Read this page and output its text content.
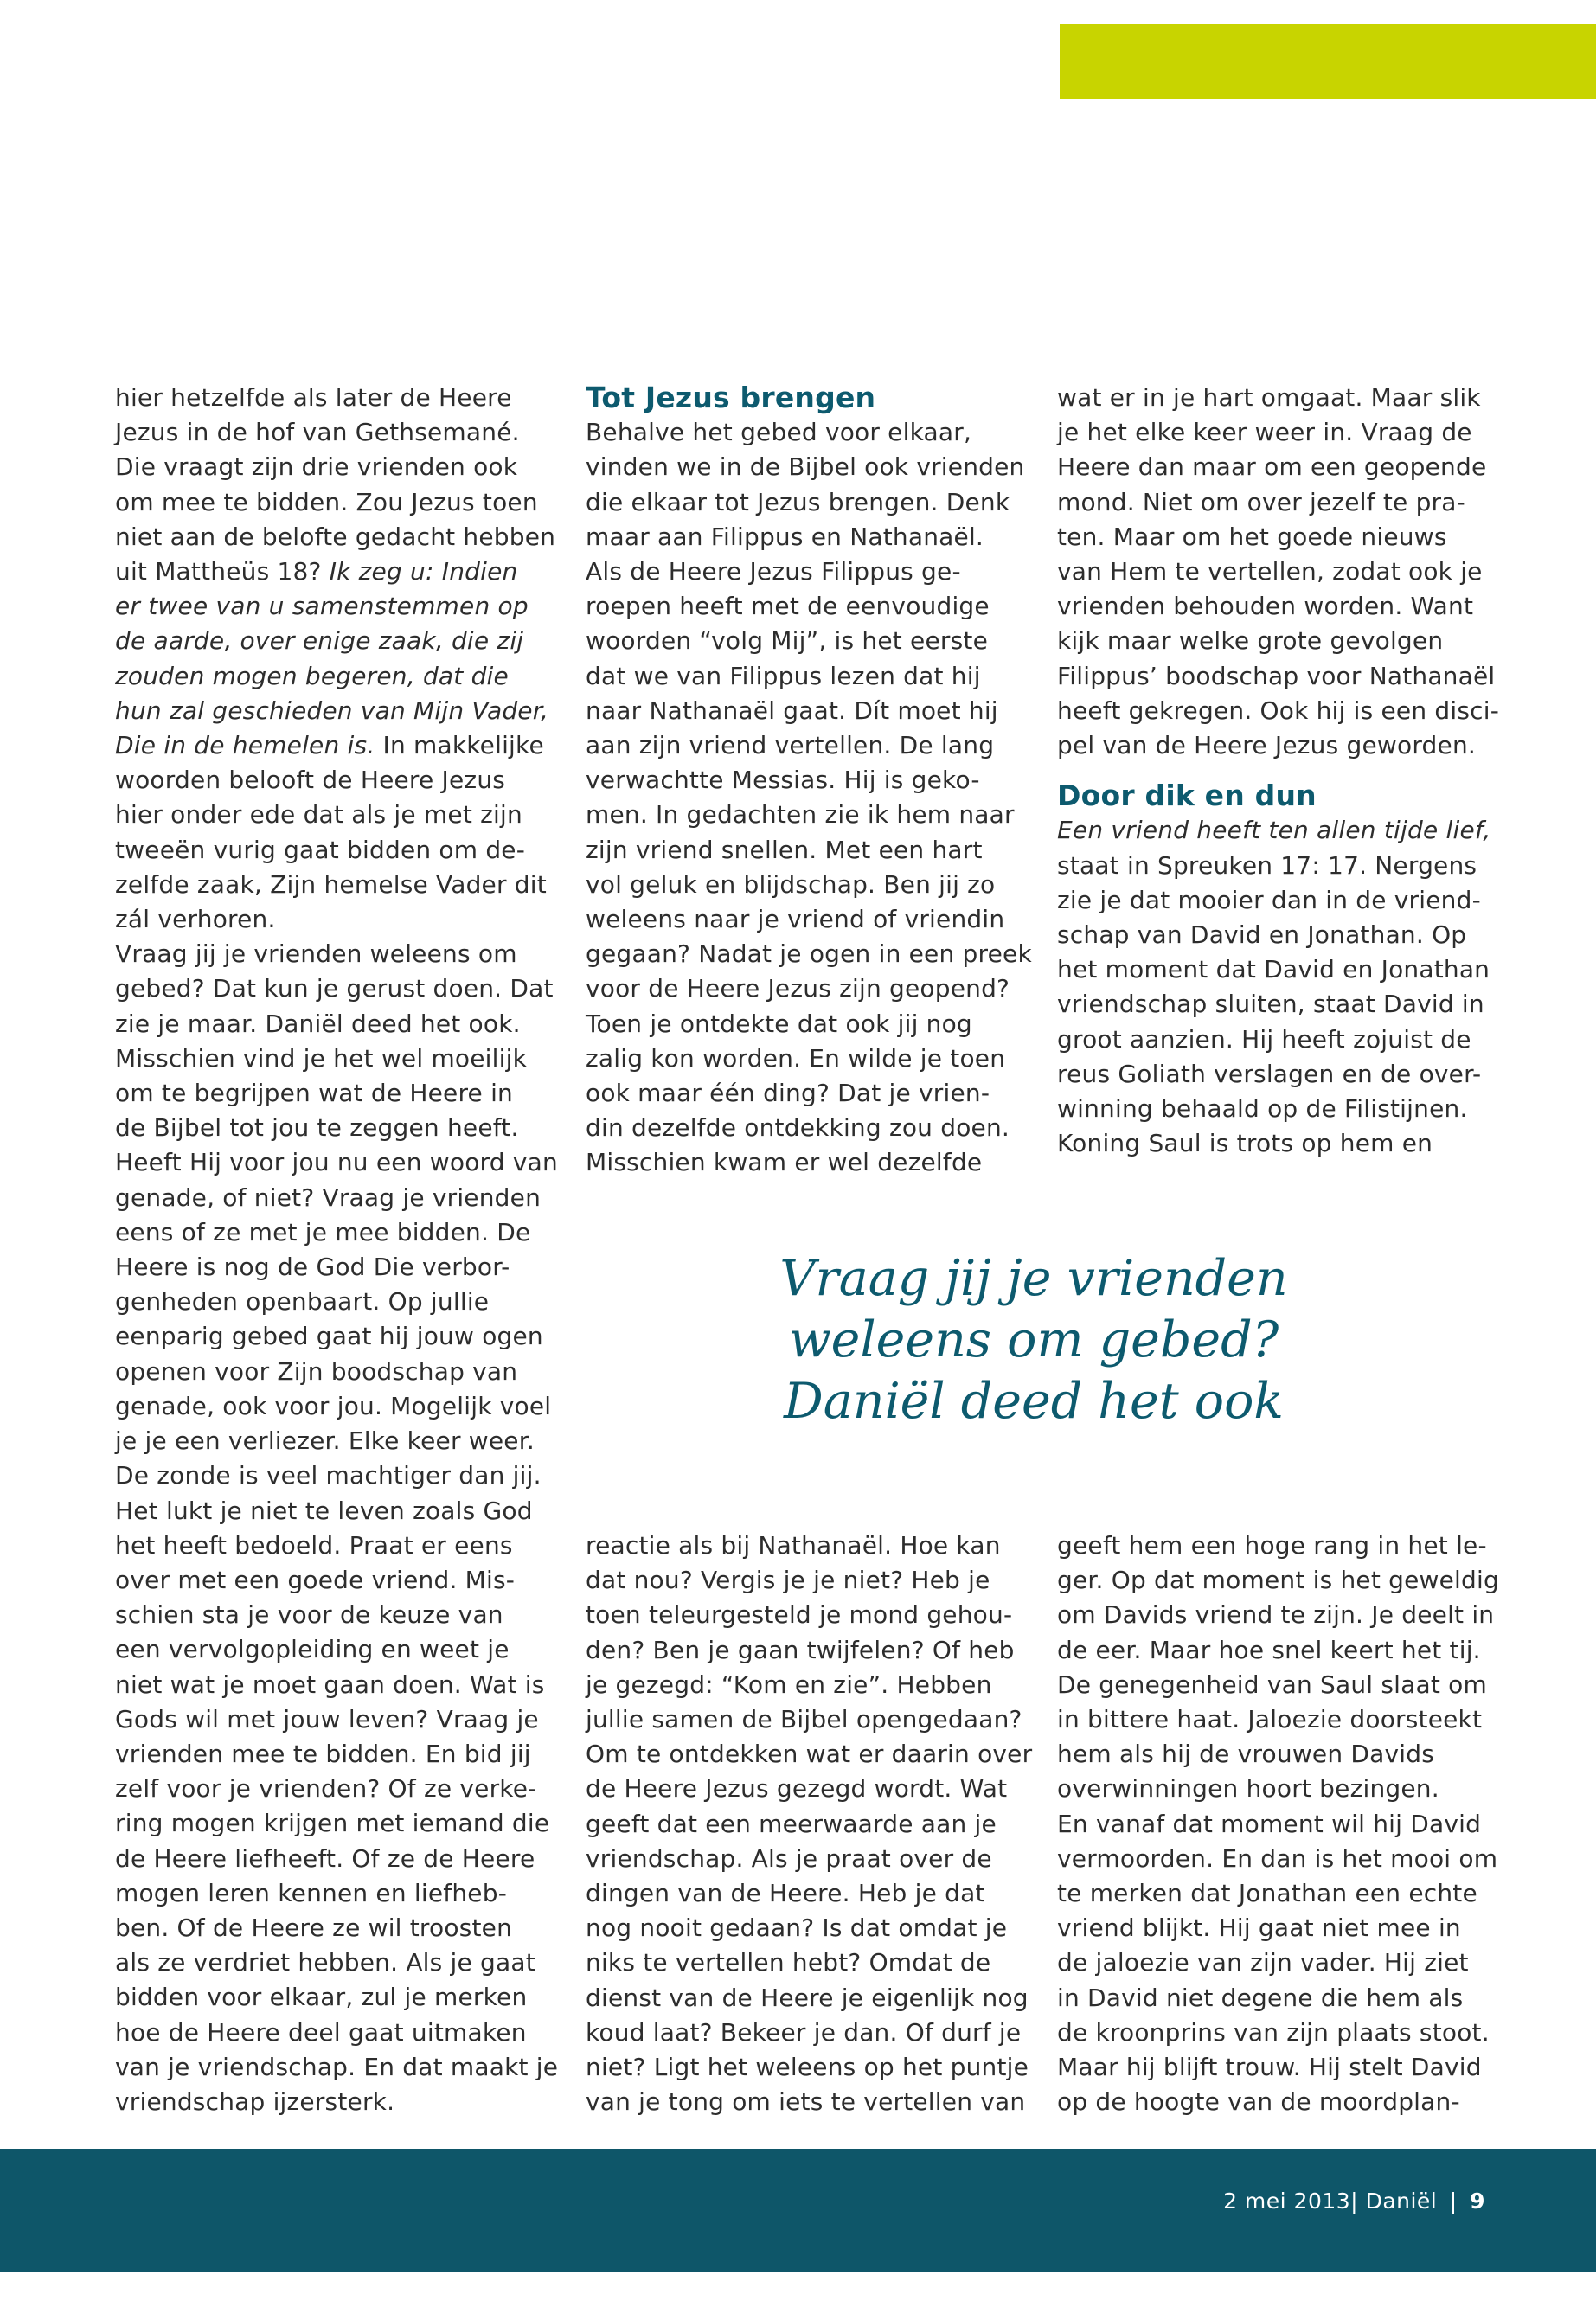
hier hetzelfde als later de Heere
Jezus in de hof van Gethsemané.
Die vraagt zijn drie vrienden ook
om mee te bidden. Zou Jezus toen
niet aan de belofte gedacht hebben
uit Mattheüs 18? Ik zeg u: Indien
er twee van u samenstemmen op
de aarde, over enige zaak, die zij
zouden mogen begeren, dat die
hun zal geschieden van Mijn Vader,
Die in de hemelen is. In makkelijke
woorden belooft de Heere Jezus
hier onder ede dat als je met zijn
tweeën vurig gaat bidden om de-
zelfde zaak, Zijn hemelse Vader dit
zál verhoren.
Vraag jij je vrienden weleens om
gebed? Dat kun je gerust doen. Dat
zie je maar. Daniël deed het ook.
Misschien vind je het wel moeilijk
om te begrijpen wat de Heere in
de Bijbel tot jou te zeggen heeft.
Heeft Hij voor jou nu een woord van
genade, of niet? Vraag je vrienden
eens of ze met je mee bidden. De
Heere is nog de God Die verbor-
genheden openbaart. Op jullie
eenparig gebed gaat hij jouw ogen
openen voor Zijn boodschap van
genade, ook voor jou. Mogelijk voel
je je een verliezer. Elke keer weer.
De zonde is veel machtiger dan jij.
Het lukt je niet te leven zoals God
het heeft bedoeld. Praat er eens
over met een goede vriend. Mis-
schien sta je voor de keuze van
een vervolgopleiding en weet je
niet wat je moet gaan doen. Wat is
Gods wil met jouw leven? Vraag je
vrienden mee te bidden. En bid jij
zelf voor je vrienden? Of ze verke-
ring mogen krijgen met iemand die
de Heere liefheeft. Of ze de Heere
mogen leren kennen en liefheb-
ben. Of de Heere ze wil troosten
als ze verdriet hebben. Als je gaat
bidden voor elkaar, zul je merken
hoe de Heere deel gaat uitmaken
van je vriendschap. En dat maakt je
vriendschap ijzersterk.
Tot Jezus brengen
Behalve het gebed voor elkaar,
vinden we in de Bijbel ook vrienden
die elkaar tot Jezus brengen. Denk
maar aan Filippus en Nathanaël.
Als de Heere Jezus Filippus ge-
roepen heeft met de eenvoudige
woorden “volg Mij”, is het eerste
dat we van Filippus lezen dat hij
naar Nathanaël gaat. Dít moet hij
aan zijn vriend vertellen. De lang
verwachtte Messias. Hij is geko-
men. In gedachten zie ik hem naar
zijn vriend snellen. Met een hart
vol geluk en blijdschap. Ben jij zo
weleens naar je vriend of vriendin
gegaan? Nadat je ogen in een preek
voor de Heere Jezus zijn geopend?
Toen je ontdekte dat ook jij nog
zalig kon worden. En wilde je toen
ook maar één ding? Dat je vrien-
din dezelfde ontdekking zou doen.
Misschien kwam er wel dezelfde
wat er in je hart omgaat. Maar slik
je het elke keer weer in. Vraag de
Heere dan maar om een geopende
mond. Niet om over jezelf te pra-
ten. Maar om het goede nieuws
van Hem te vertellen, zodat ook je
vrienden behouden worden. Want
kijk maar welke grote gevolgen
Filippus’ boodschap voor Nathanaël
heeft gekregen. Ook hij is een disci-
pel van de Heere Jezus geworden.
Door dik en dun
Een vriend heeft ten allen tijde lief,
staat in Spreuken 17: 17. Nergens
zie je dat mooier dan in de vriend-
schap van David en Jonathan. Op
het moment dat David en Jonathan
vriendschap sluiten, staat David in
groot aanzien. Hij heeft zojuist de
reus Goliath verslagen en de over-
winning behaald op de Filistijnen.
Koning Saul is trots op hem en
Vraag jij je vrienden
weleens om gebed?
Daniël deed het ook
reactie als bij Nathanaël. Hoe kan
dat nou? Vergis je je niet? Heb je
toen teleurgesteld je mond gehou-
den? Ben je gaan twijfelen? Of heb
je gezegd: “Kom en zie”. Hebben
jullie samen de Bijbel opengedaan?
Om te ontdekken wat er daarin over
de Heere Jezus gezegd wordt. Wat
geeft dat een meerwaarde aan je
vriendschap. Als je praat over de
dingen van de Heere. Heb je dat
nog nooit gedaan? Is dat omdat je
niks te vertellen hebt? Omdat de
dienst van de Heere je eigenlijk nog
koud laat? Bekeer je dan. Of durf je
niet? Ligt het weleens op het puntje
van je tong om iets te vertellen van
geeft hem een hoge rang in het le-
ger. Op dat moment is het geweldig
om Davids vriend te zijn. Je deelt in
de eer. Maar hoe snel keert het tij.
De genegenheid van Saul slaat om
in bittere haat. Jaloezie doorsteekt
hem als hij de vrouwen Davids
overwinningen hoort bezingen.
En vanaf dat moment wil hij David
vermoorden. En dan is het mooi om
te merken dat Jonathan een echte
vriend blijkt. Hij gaat niet mee in
de jaloezie van zijn vader. Hij ziet
in David niet degene die hem als
de kroonprins van zijn plaats stoot.
Maar hij blijft trouw. Hij stelt David
op de hoogte van de moordplan-
2 mei 2013| Daniël | 9
